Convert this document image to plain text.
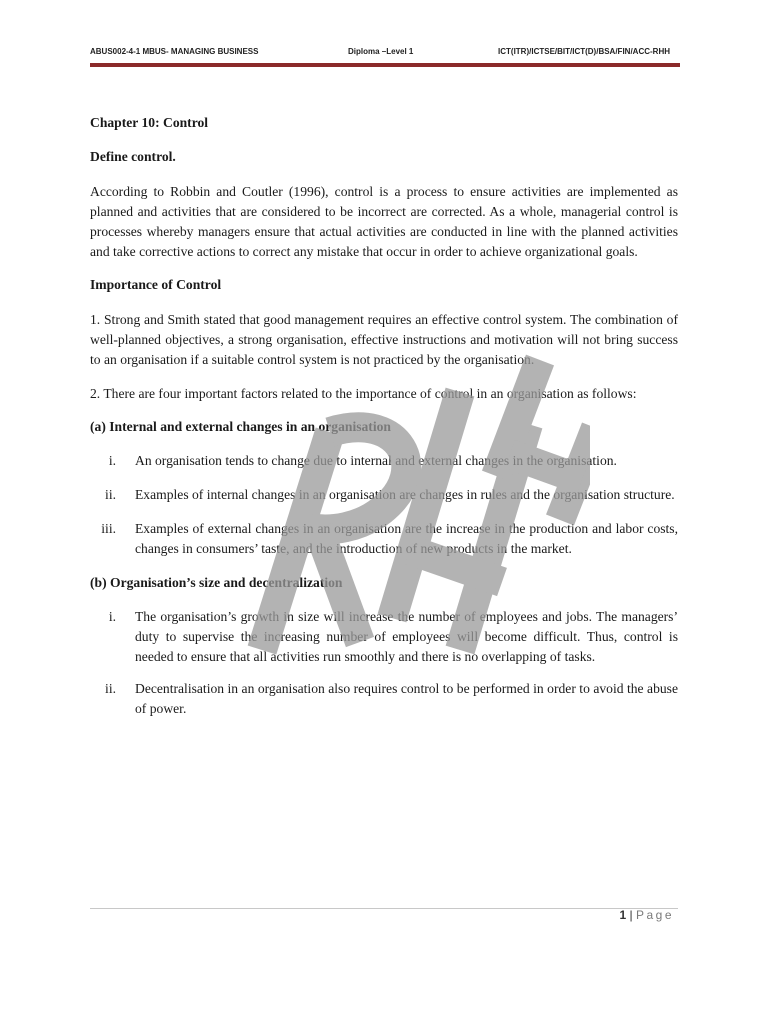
ABUS002-4-1 MBUS- MANAGING BUSINESS	Diploma –Level 1	ICT(ITR)/ICTSE/BIT/ICT(D)/BSA/FIN/ACC-RHH

Chapter 10: Control

Define control.

According to Robbin and Coutler (1996), control is a process to ensure activities are implemented as planned and activities that are considered to be incorrect are corrected. As a whole, managerial control is processes whereby managers ensure that actual activities are conducted in line with the planned activities and take corrective actions to correct any mistake that occur in order to achieve organizational goals.

Importance of Control

1. Strong and Smith stated that good management requires an effective control system. The combination of well-planned objectives, a strong organisation, effective instructions and motivation will not bring success to an organisation if a suitable control system is not practiced by the organisation.

2. There are four important factors related to the importance of control in an organisation as follows:

(a) Internal and external changes in an organisation

i. An organisation tends to change due to internal and external changes in the organisation.
ii. Examples of internal changes in an organisation are changes in rules and the organisation structure.
iii. Examples of external changes in an organisation are the increase in the production and labor costs, changes in consumers’ taste, and the introduction of new products in the market.

(b) Organisation’s size and decentralization

i. The organisation’s growth in size will increase the number of employees and jobs. The managers’ duty to supervise the increasing number of employees will become difficult. Thus, control is needed to ensure that all activities run smoothly and there is no overlapping of tasks.
ii. Decentralisation in an organisation also requires control to be performed in order to avoid the abuse of power.
1 | Page
